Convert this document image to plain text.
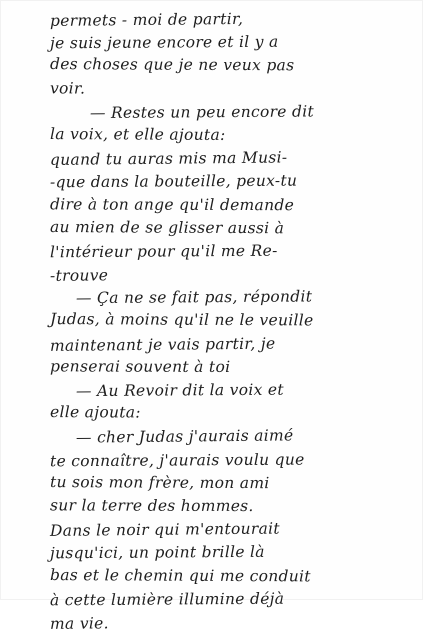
permets - moi de partir,
je suis jeune encore et il y a
des choses que je ne veux pas
voir.
— Restes un peu encore dit
la voix, et elle ajouta:
quand tu auras mis ma Musi-
-que dans la bouteille, peux-tu
dire à ton ange qu'il demande
au mien de se glisser aussi à
l'intérieur pour qu'il me Re-
-trouve
— Ça ne se fait pas, répondit
Judas, à moins qu'il ne le veuille
maintenant je vais partir, je
penserai souvent à toi
— Au Revoir dit la voix et
elle ajouta:
— cher Judas j'aurais aimé
te connaître, j'aurais voulu que
tu sois mon frère, mon ami
sur la terre des hommes.
Dans le noir qui m'entourait
jusqu'ici, un point brille là
bas et le chemin qui me conduit
à cette lumière illumine déjà
ma vie.
